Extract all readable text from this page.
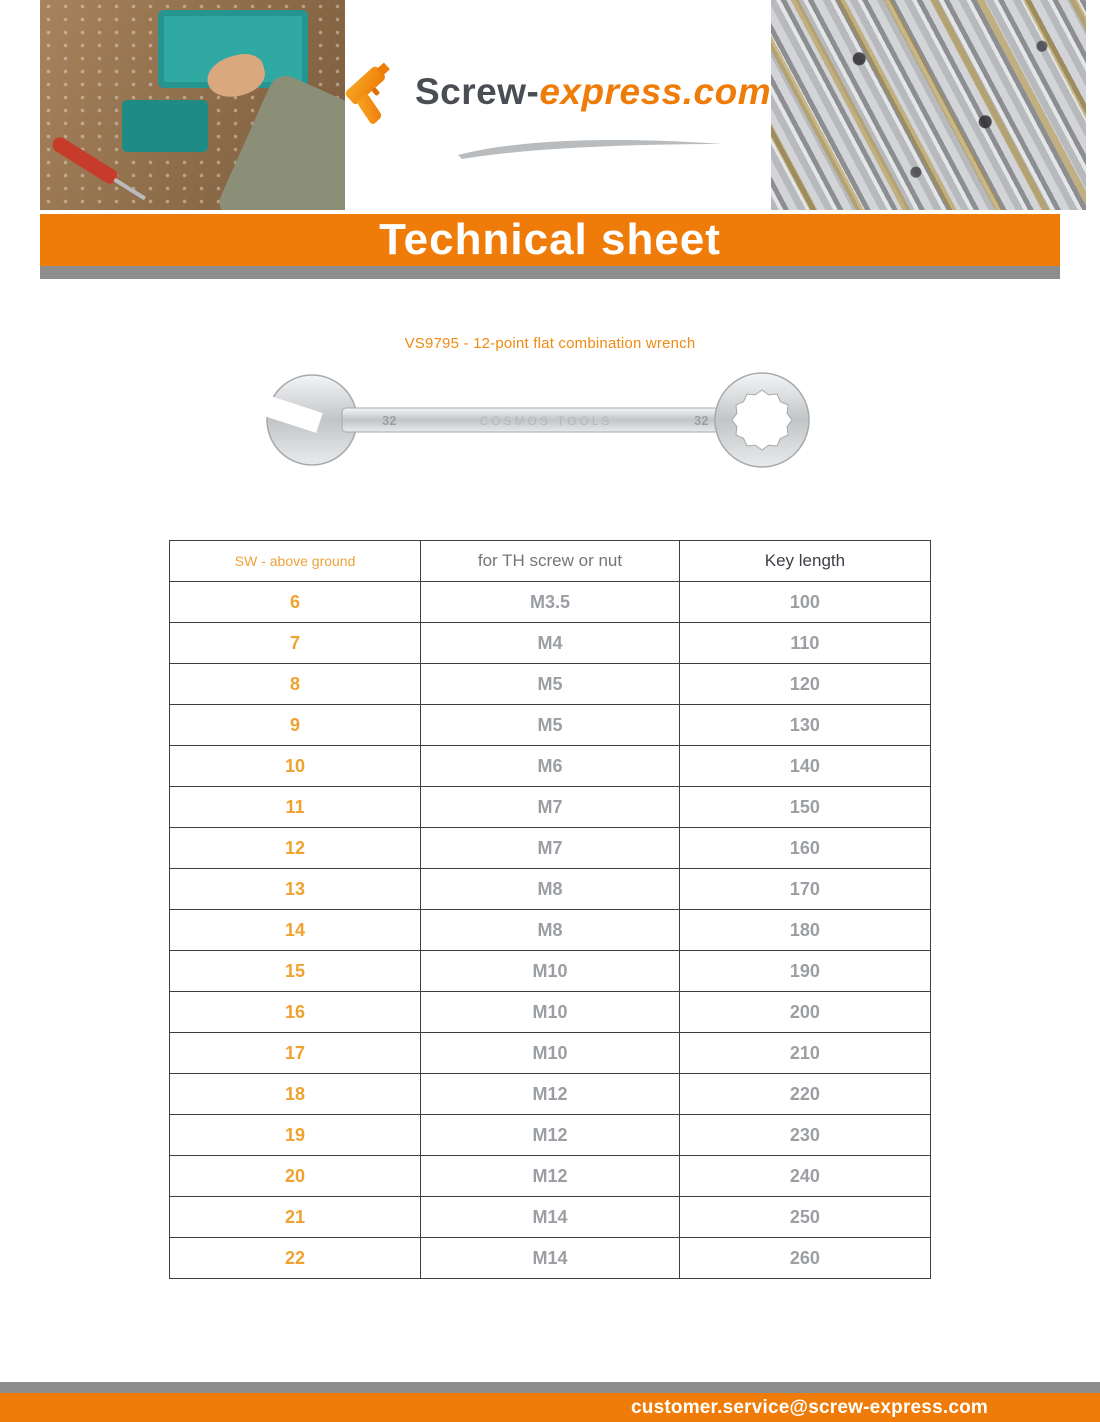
Screw-express.com
Technical sheet
VS9795 - 12-point flat combination wrench
32	COSMOS TOOLS	32
SW - above ground	for TH screw or nut	Key length
6	M3.5	100
7	M4	110
8	M5	120
9	M5	130
10	M6	140
11	M7	150
12	M7	160
13	M8	170
14	M8	180
15	M10	190
16	M10	200
17	M10	210
18	M12	220
19	M12	230
20	M12	240
21	M14	250
22	M14	260
customer.service@screw-express.com
